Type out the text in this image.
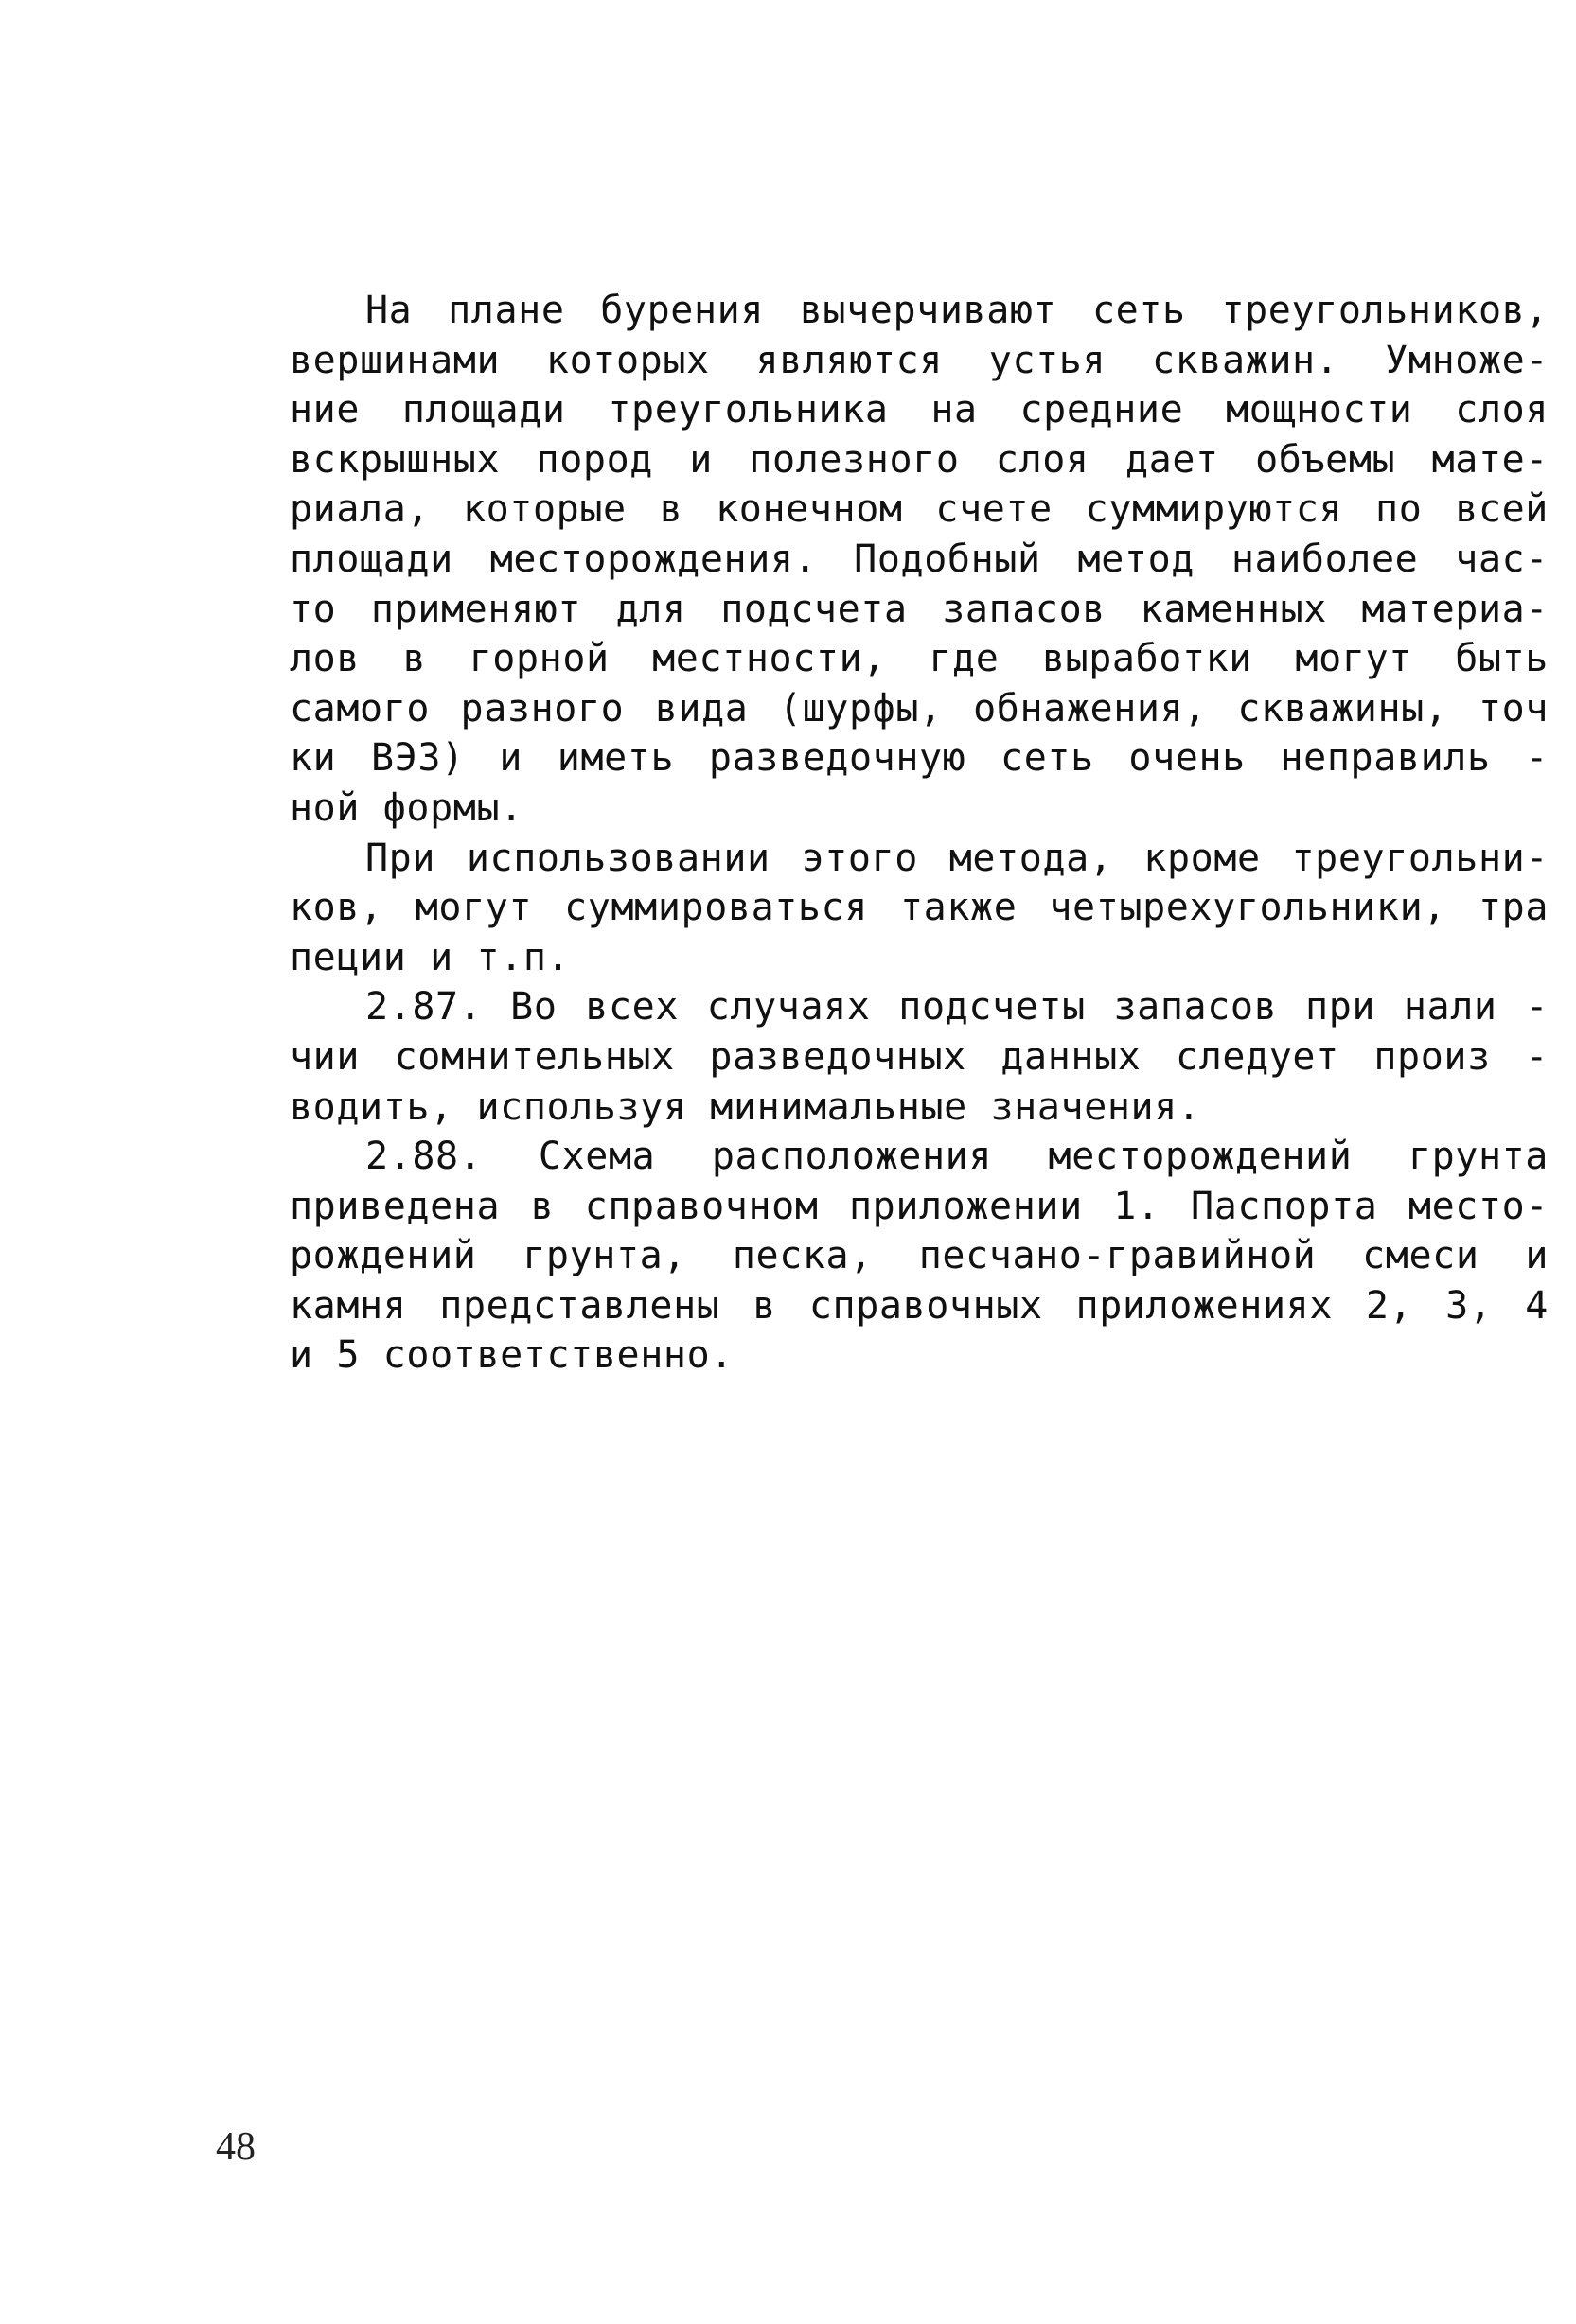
На плане бурения вычерчивают сеть треугольников,
вершинами которых являются устья скважин. Умноже-
ние площади треугольника на средние мощности слоя
вскрышных пород и полезного слоя дает объемы мате-
риала, которые в конечном счете суммируются по всей
площади месторождения. Подобный метод наиболее час-
то применяют для подсчета запасов каменных материа-
лов в горной местности, где выработки могут быть
самого разного вида (шурфы, обнажения, скважины, точ
ки ВЭЗ) и иметь разведочную сеть очень неправиль -
ной формы.
При использовании этого метода, кроме треугольни-
ков, могут суммироваться также четырехугольники, тра
пеции и т.п.
2.87. Во всех случаях подсчеты запасов при нали -
чии сомнительных разведочных данных следует произ -
водить, используя минимальные значения.
2.88. Схема расположения месторождений грунта
приведена в справочном приложении 1. Паспорта место-
рождений грунта, песка, песчано-гравийной смеси и
камня представлены в справочных приложениях 2, 3, 4
и 5 соответственно.
48
